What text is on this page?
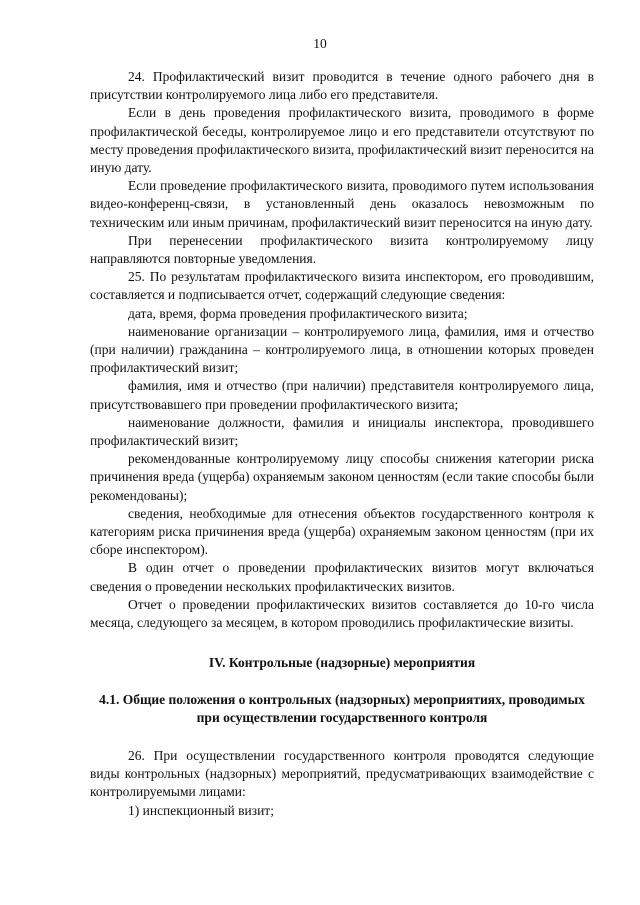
10

24. Профилактический визит проводится в течение одного рабочего дня в присутствии контролируемого лица либо его представителя.

Если в день проведения профилактического визита, проводимого в форме профилактической беседы, контролируемое лицо и его представители отсутствуют по месту проведения профилактического визита, профилактический визит переносится на иную дату.

Если проведение профилактического визита, проводимого путем использования видео-конференц-связи, в установленный день оказалось невозможным по техническим или иным причинам, профилактический визит переносится на иную дату.

При перенесении профилактического визита контролируемому лицу направляются повторные уведомления.

25. По результатам профилактического визита инспектором, его проводившим, составляется и подписывается отчет, содержащий следующие сведения:

дата, время, форма проведения профилактического визита;

наименование организации – контролируемого лица, фамилия, имя и отчество (при наличии) гражданина – контролируемого лица, в отношении которых проведен профилактический визит;

фамилия, имя и отчество (при наличии) представителя контролируемого лица, присутствовавшего при проведении профилактического визита;

наименование должности, фамилия и инициалы инспектора, проводившего профилактический визит;

рекомендованные контролируемому лицу способы снижения категории риска причинения вреда (ущерба) охраняемым законом ценностям (если такие способы были рекомендованы);

сведения, необходимые для отнесения объектов государственного контроля к категориям риска причинения вреда (ущерба) охраняемым законом ценностям (при их сборе инспектором).

В один отчет о проведении профилактических визитов могут включаться сведения о проведении нескольких профилактических визитов.

Отчет о проведении профилактических визитов составляется до 10-го числа месяца, следующего за месяцем, в котором проводились профилактические визиты.

IV. Контрольные (надзорные) мероприятия
4.1. Общие положения о контрольных (надзорных) мероприятиях, проводимых при осуществлении государственного контроля

26. При осуществлении государственного контроля проводятся следующие виды контрольных (надзорных) мероприятий, предусматривающих взаимодействие с контролируемыми лицами:

1) инспекционный визит;
